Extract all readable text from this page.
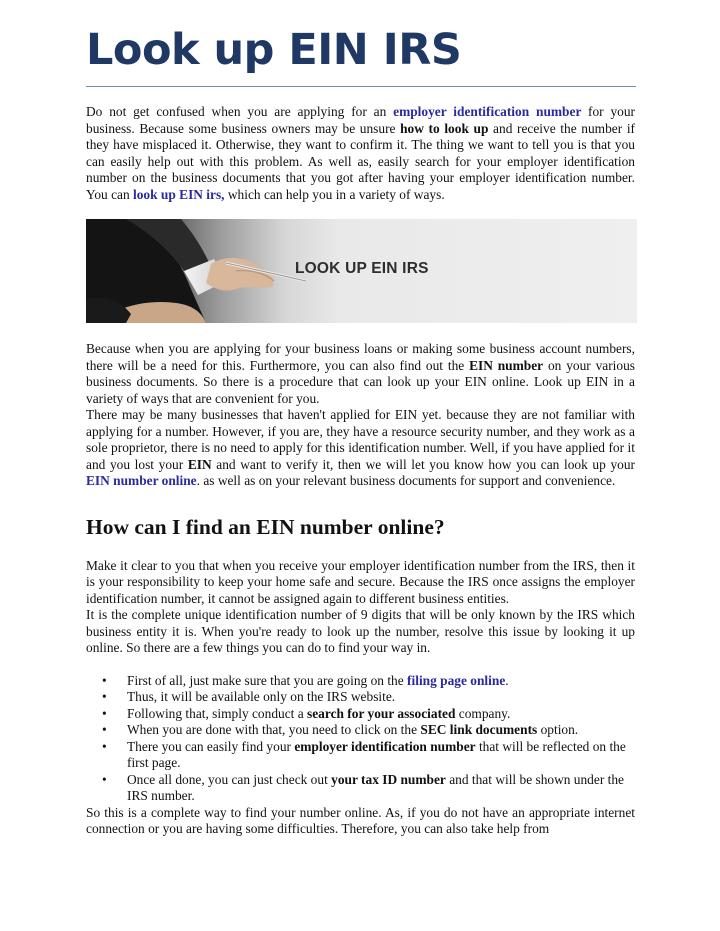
Look up EIN IRS

Do not get confused when you are applying for an employer identification number for your business. Because some business owners may be unsure how to look up and receive the number if they have misplaced it. Otherwise, they want to confirm it. The thing we want to tell you is that you can easily help out with this problem. As well as, easily search for your employer identification number on the business documents that you got after having your employer identification number. You can look up EIN irs, which can help you in a variety of ways.

LOOK UP EIN IRS

Because when you are applying for your business loans or making some business account numbers, there will be a need for this. Furthermore, you can also find out the EIN number on your various business documents. So there is a procedure that can look up your EIN online. Look up EIN in a variety of ways that are convenient for you.

There may be many businesses that haven't applied for EIN yet. because they are not familiar with applying for a number. However, if you are, they have a resource security number, and they work as a sole proprietor, there is no need to apply for this identification number. Well, if you have applied for it and you lost your EIN and want to verify it, then we will let you know how you can look up your EIN number online. as well as on your relevant business documents for support and convenience.

How can I find an EIN number online?

Make it clear to you that when you receive your employer identification number from the IRS, then it is your responsibility to keep your home safe and secure. Because the IRS once assigns the employer identification number, it cannot be assigned again to different business entities.

It is the complete unique identification number of 9 digits that will be only known by the IRS which business entity it is. When you're ready to look up the number, resolve this issue by looking it up online. So there are a few things you can do to find your way in.

• First of all, just make sure that you are going on the filing page online.
• Thus, it will be available only on the IRS website.
• Following that, simply conduct a search for your associated company.
• When you are done with that, you need to click on the SEC link documents option.
• There you can easily find your employer identification number that will be reflected on the first page.
• Once all done, you can just check out your tax ID number and that will be shown under the IRS number.

So this is a complete way to find your number online. As, if you do not have an appropriate internet connection or you are having some difficulties. Therefore, you can also take help from
